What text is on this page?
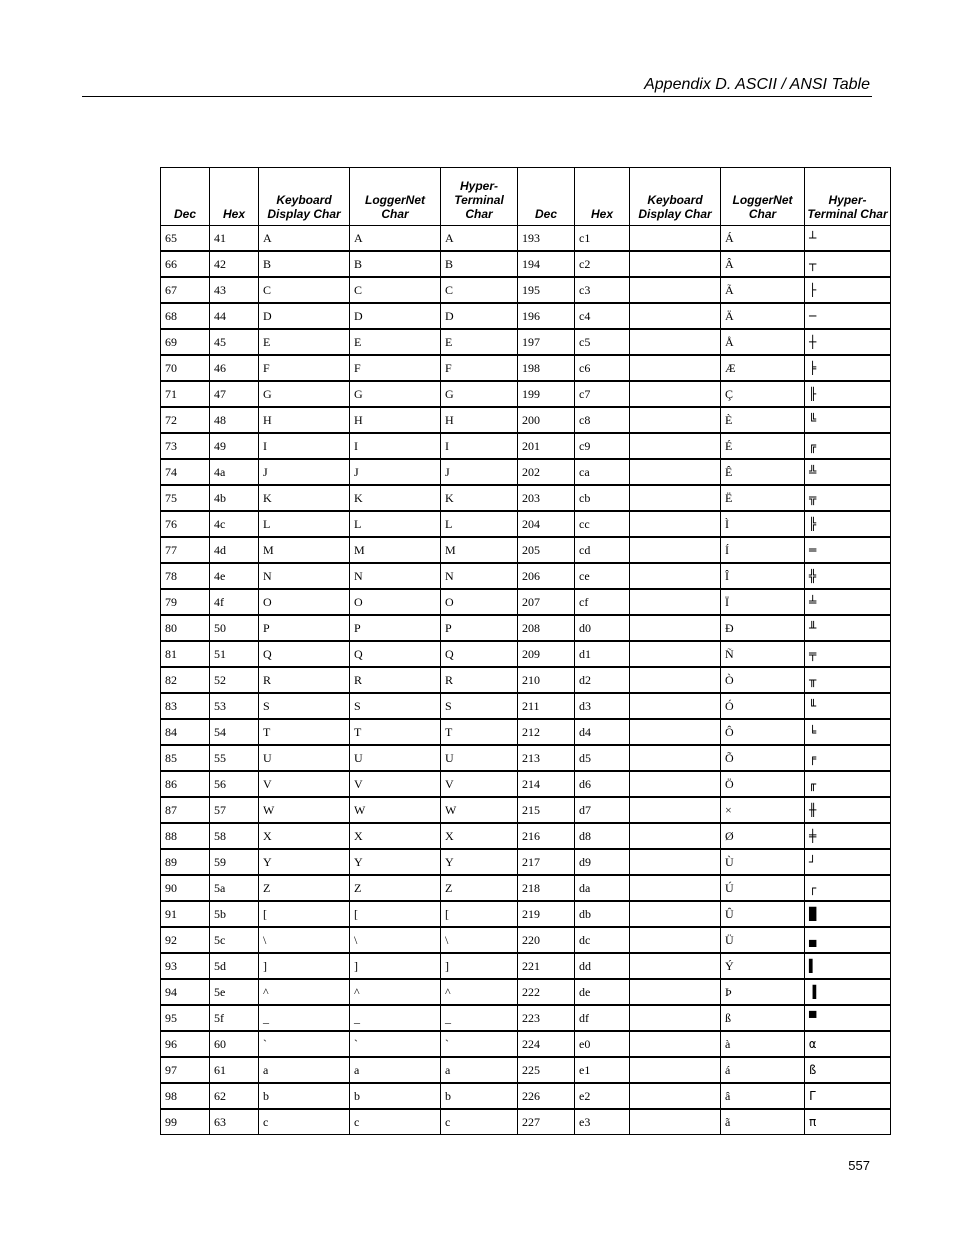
Appendix D. ASCII / ANSI Table
Dec	Hex	Keyboard Display Char	LoggerNet Char	Hyper- Terminal Char	Dec	Hex	Keyboard Display Char	LoggerNet Char	Hyper- Terminal Char
65	41	A	A	A	193	c1		Á	┴
66	42	B	B	B	194	c2		Â	┬
67	43	C	C	C	195	c3		Ã	├
68	44	D	D	D	196	c4		Ä	─
69	45	E	E	E	197	c5		Å	┼
70	46	F	F	F	198	c6		Æ	╞
71	47	G	G	G	199	c7		Ç	╟
72	48	H	H	H	200	c8		È	╚
73	49	I	I	I	201	c9		É	╔
74	4a	J	J	J	202	ca		Ê	╩
75	4b	K	K	K	203	cb		Ë	╦
76	4c	L	L	L	204	cc		Ì	╠
77	4d	M	M	M	205	cd		Í	═
78	4e	N	N	N	206	ce		Î	╬
79	4f	O	O	O	207	cf		Ï	╧
80	50	P	P	P	208	d0		Ð	╨
81	51	Q	Q	Q	209	d1		Ñ	╤
82	52	R	R	R	210	d2		Ò	╥
83	53	S	S	S	211	d3		Ó	╙
84	54	T	T	T	212	d4		Ô	╘
85	55	U	U	U	213	d5		Õ	╒
86	56	V	V	V	214	d6		Ö	╓
87	57	W	W	W	215	d7		×	╫
88	58	X	X	X	216	d8		Ø	╪
89	59	Y	Y	Y	217	d9		Ù	┘
90	5a	Z	Z	Z	218	da		Ú	┌
91	5b	[	[	[	219	db		Û	█
92	5c	\	\	\	220	dc		Ü	▄
93	5d	]	]	]	221	dd		Ý	▌
94	5e	^	^	^	222	de		Þ	▐
95	5f	_	_	_	223	df		ß	▀
96	60	`	`	`	224	e0		à	α
97	61	a	a	a	225	e1		á	ß
98	62	b	b	b	226	e2		â	Γ
99	63	c	c	c	227	e3		ã	π
557
